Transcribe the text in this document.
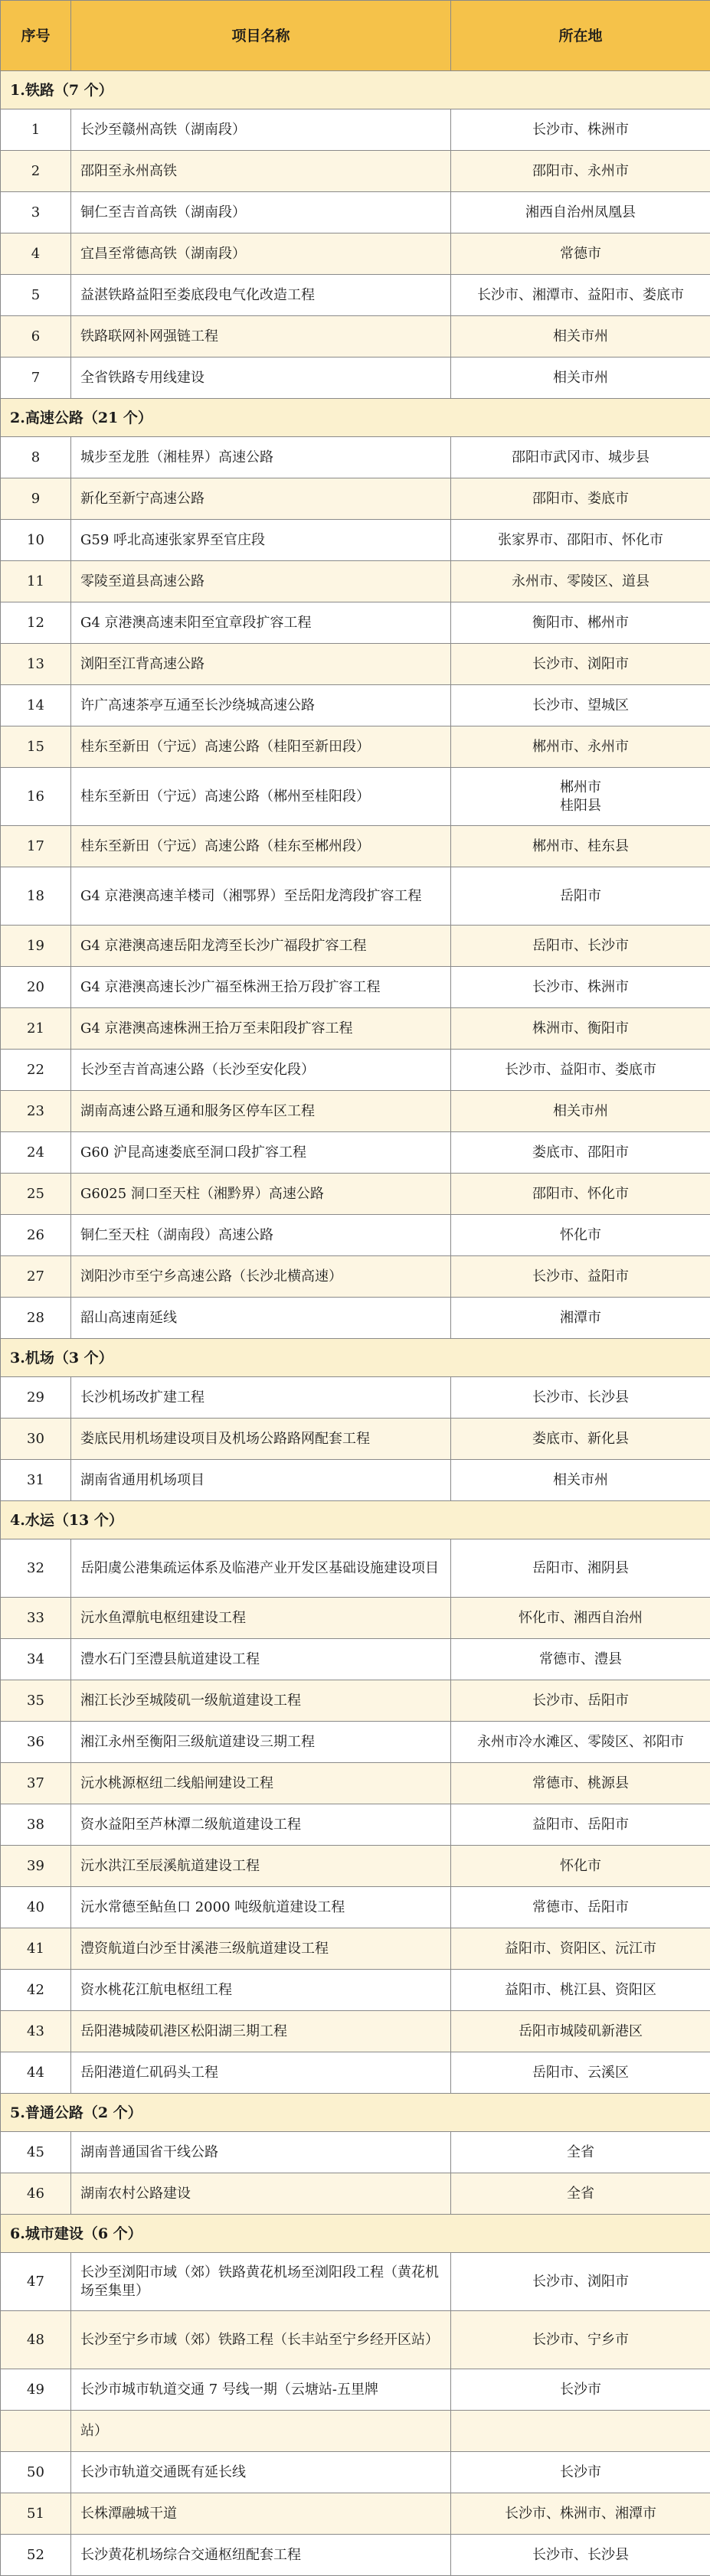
序号	项目名称	所在地
1.铁路（7 个）		
1	长沙至赣州高铁（湖南段）	长沙市、株洲市
2	邵阳至永州高铁	邵阳市、永州市
3	铜仁至吉首高铁（湖南段）	湘西自治州凤凰县
4	宜昌至常德高铁（湖南段）	常德市
5	益湛铁路益阳至娄底段电气化改造工程	长沙市、湘潭市、益阳市、娄底市
6	铁路联网补网强链工程	相关市州
7	全省铁路专用线建设	相关市州
2.高速公路（21 个）		
8	城步至龙胜（湘桂界）高速公路	邵阳市武冈市、城步县
9	新化至新宁高速公路	邵阳市、娄底市
10	G59 呼北高速张家界至官庄段	张家界市、邵阳市、怀化市
11	零陵至道县高速公路	永州市、零陵区、道县
12	G4 京港澳高速耒阳至宜章段扩容工程	衡阳市、郴州市
13	浏阳至江背高速公路	长沙市、浏阳市
14	许广高速茶亭互通至长沙绕城高速公路	长沙市、望城区
15	桂东至新田（宁远）高速公路（桂阳至新田段）	郴州市、永州市
16	桂东至新田（宁远）高速公路（郴州至桂阳段）	郴州市
桂阳县
17	桂东至新田（宁远）高速公路（桂东至郴州段）	郴州市、桂东县
18	G4 京港澳高速羊楼司（湘鄂界）至岳阳龙湾段扩容工程	岳阳市
19	G4 京港澳高速岳阳龙湾至长沙广福段扩容工程	岳阳市、长沙市
20	G4 京港澳高速长沙广福至株洲王拾万段扩容工程	长沙市、株洲市
21	G4 京港澳高速株洲王拾万至耒阳段扩容工程	株洲市、衡阳市
22	长沙至吉首高速公路（长沙至安化段）	长沙市、益阳市、娄底市
23	湖南高速公路互通和服务区停车区工程	相关市州
24	G60 沪昆高速娄底至洞口段扩容工程	娄底市、邵阳市
25	G6025 洞口至天柱（湘黔界）高速公路	邵阳市、怀化市
26	铜仁至天柱（湖南段）高速公路	怀化市
27	浏阳沙市至宁乡高速公路（长沙北横高速）	长沙市、益阳市
28	韶山高速南延线	湘潭市
3.机场（3 个）		
29	长沙机场改扩建工程	长沙市、长沙县
30	娄底民用机场建设项目及机场公路路网配套工程	娄底市、新化县
31	湖南省通用机场项目	相关市州
4.水运（13 个）		
32	岳阳虞公港集疏运体系及临港产业开发区基础设施建设项目	岳阳市、湘阴县
33	沅水鱼潭航电枢纽建设工程	怀化市、湘西自治州
34	澧水石门至澧县航道建设工程	常德市、澧县
35	湘江长沙至城陵矶一级航道建设工程	长沙市、岳阳市
36	湘江永州至衡阳三级航道建设三期工程	永州市冷水滩区、零陵区、祁阳市
37	沅水桃源枢纽二线船闸建设工程	常德市、桃源县
38	资水益阳至芦林潭二级航道建设工程	益阳市、岳阳市
39	沅水洪江至辰溪航道建设工程	怀化市
40	沅水常德至鲇鱼口 2000 吨级航道建设工程	常德市、岳阳市
41	澧资航道白沙至甘溪港三级航道建设工程	益阳市、资阳区、沅江市
42	资水桃花江航电枢纽工程	益阳市、桃江县、资阳区
43	岳阳港城陵矶港区松阳湖三期工程	岳阳市城陵矶新港区
44	岳阳港道仁矶码头工程	岳阳市、云溪区
5.普通公路（2 个）		
45	湖南普通国省干线公路	全省
46	湖南农村公路建设	全省
6.城市建设（6 个）		
47	长沙至浏阳市域（郊）铁路黄花机场至浏阳段工程（黄花机场至集里）	长沙市、浏阳市
48	长沙至宁乡市域（郊）铁路工程（长丰站至宁乡经开区站）	长沙市、宁乡市
49	长沙市城市轨道交通 7 号线一期（云塘站-五里牌	长沙市
	站）	
50	长沙市轨道交通既有延长线	长沙市
51	长株潭融城干道	长沙市、株洲市、湘潭市
52	长沙黄花机场综合交通枢纽配套工程	长沙市、长沙县
